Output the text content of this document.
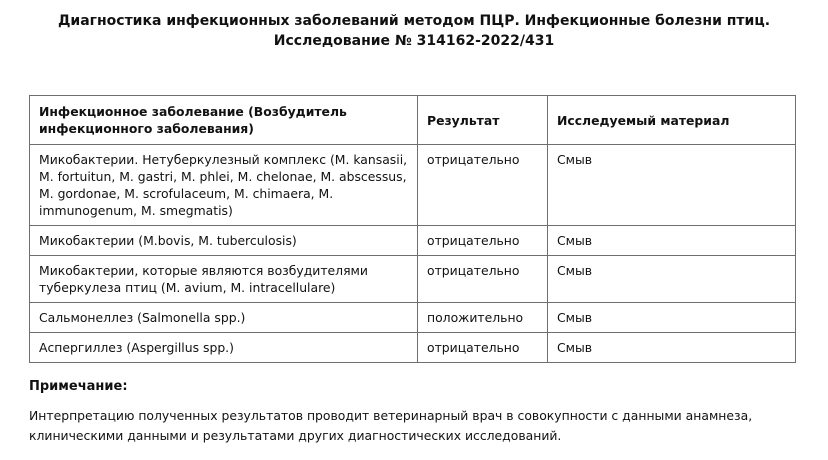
Диагностика инфекционных заболеваний методом ПЦР. Инфекционные болезни птиц.
Исследование № 314162-2022/431
Инфекционное заболевание (Возбудитель инфекционного заболевания)	Результат	Исследуемый материал
Микобактерии. Нетуберкулезный комплекс (M. kansasii, M. fortuitun, M. gastri, M. phlei, M. chelonae, M. abscessus, M. gordonae, M. scrofulaceum, M. chimaera, M. immunogenum, M. smegmatis)	отрицательно	Смыв
Микобактерии (M.bovis, M. tuberculosis)	отрицательно	Смыв
Микобактерии, которые являются возбудителями туберкулеза птиц (M. avium, M. intracellulare)	отрицательно	Смыв
Сальмонеллез (Salmonella spp.)	положительно	Смыв
Аспергиллез (Aspergillus spp.)	отрицательно	Смыв
Примечание:
Интерпретацию полученных результатов проводит ветеринарный врач в совокупности с данными анамнеза, клиническими данными и результатами других диагностических исследований.
